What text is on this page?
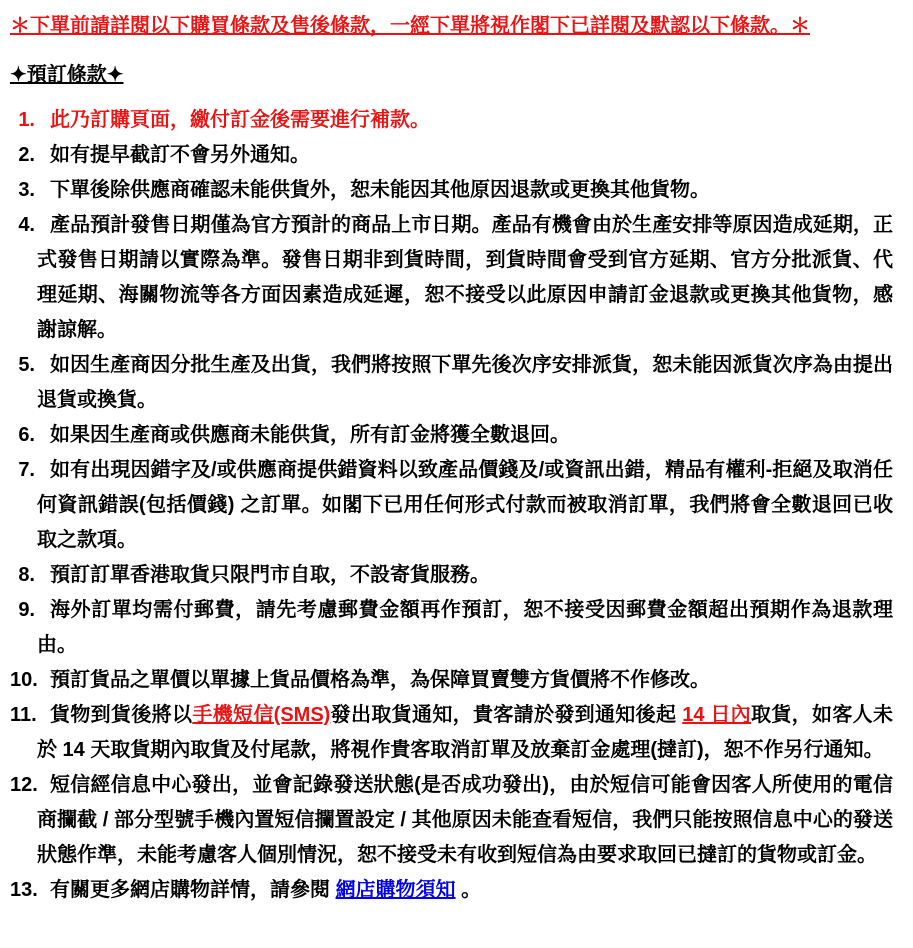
＊下單前請詳閱以下購買條款及售後條款，一經下單將視作閣下已詳閱及默認以下條款。＊
✦預訂條款✦
1. 此乃訂購頁面，繳付訂金後需要進行補款。
2. 如有提早截訂不會另外通知。
3. 下單後除供應商確認未能供貨外，恕未能因其他原因退款或更換其他貨物。
4. 產品預計發售日期僅為官方預計的商品上市日期。產品有機會由於生產安排等原因造成延期，正式發售日期請以實際為準。發售日期非到貨時間，到貨時間會受到官方延期、官方分批派貨、代理延期、海關物流等各方面因素造成延遲，恕不接受以此原因申請訂金退款或更換其他貨物，感謝諒解。
5. 如因生產商因分批生產及出貨，我們將按照下單先後次序安排派貨，恕未能因派貨次序為由提出退貨或換貨。
6. 如果因生產商或供應商未能供貨，所有訂金將獲全數退回。
7. 如有出現因錯字及/或供應商提供錯資料以致產品價錢及/或資訊出錯，精品有權利-拒絕及取消任何資訊錯誤(包括價錢) 之訂單。如閣下已用任何形式付款而被取消訂單，我們將會全數退回已收取之款項。
8. 預訂訂單香港取貨只限門市自取，不設寄貨服務。
9. 海外訂單均需付郵費，請先考慮郵費金額再作預訂，恕不接受因郵費金額超出預期作為退款理由。
10. 預訂貨品之單價以單據上貨品價格為準，為保障買賣雙方貨價將不作修改。
11. 貨物到貨後將以手機短信(SMS)發出取貨通知，貴客請於發到通知後起 14 日內取貨，如客人未於 14 天取貨期內取貨及付尾款，將視作貴客取消訂單及放棄訂金處理(撻訂)，恕不作另行通知。
12. 短信經信息中心發出，並會記錄發送狀態(是否成功發出)，由於短信可能會因客人所使用的電信商攔截 / 部分型號手機內置短信攔置設定 / 其他原因未能查看短信，我們只能按照信息中心的發送狀態作準，未能考慮客人個別情況，恕不接受未有收到短信為由要求取回已撻訂的貨物或訂金。
13. 有關更多網店購物詳情，請參閱 網店購物須知 。
